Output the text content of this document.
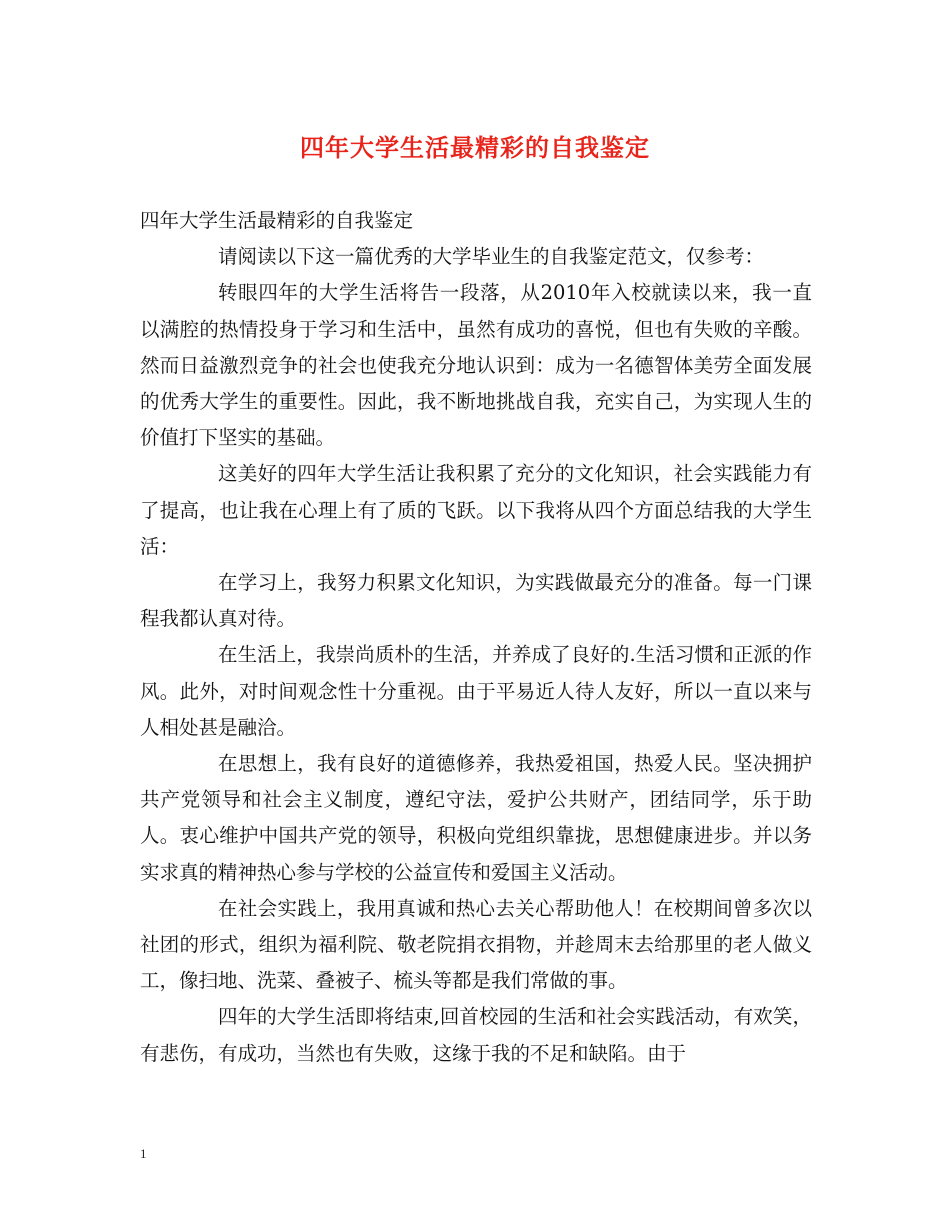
四年大学生活最精彩的自我鉴定

四年大学生活最精彩的自我鉴定

请阅读以下这一篇优秀的大学毕业生的自我鉴定范文，仅参考：

转眼四年的大学生活将告一段落，从2010年入校就读以来，我一直以满腔的热情投身于学习和生活中，虽然有成功的喜悦，但也有失败的辛酸。然而日益激烈竞争的社会也使我充分地认识到：成为一名德智体美劳全面发展的优秀大学生的重要性。因此，我不断地挑战自我，充实自己，为实现人生的价值打下坚实的基础。

这美好的四年大学生活让我积累了充分的文化知识，社会实践能力有了提高，也让我在心理上有了质的飞跃。以下我将从四个方面总结我的大学生活：

在学习上，我努力积累文化知识，为实践做最充分的准备。每一门课程我都认真对待。

在生活上，我崇尚质朴的生活，并养成了良好的.生活习惯和正派的作风。此外，对时间观念性十分重视。由于平易近人待人友好，所以一直以来与人相处甚是融洽。

在思想上，我有良好的道德修养，我热爱祖国，热爱人民。坚决拥护共产党领导和社会主义制度，遵纪守法，爱护公共财产，团结同学，乐于助人。衷心维护中国共产党的领导，积极向党组织靠拢，思想健康进步。并以务实求真的精神热心参与学校的公益宣传和爱国主义活动。

在社会实践上，我用真诚和热心去关心帮助他人！在校期间曾多次以社团的形式，组织为福利院、敬老院捐衣捐物，并趁周末去给那里的老人做义工，像扫地、洗菜、叠被子、梳头等都是我们常做的事。

四年的大学生活即将结束,回首校园的生活和社会实践活动，有欢笑，有悲伤，有成功，当然也有失败，这缘于我的不足和缺陷。由于

1
